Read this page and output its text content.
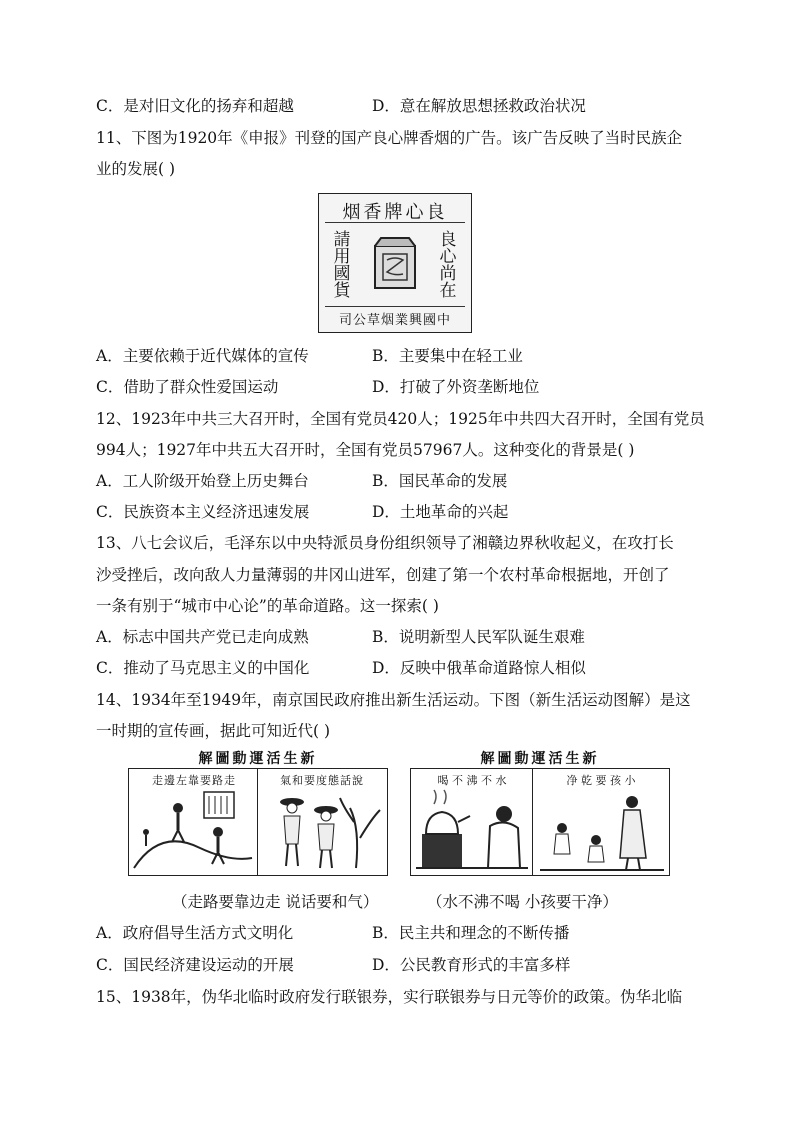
C．是对旧文化的扬弃和超越	D．意在解放思想拯救政治状况
11、下图为1920年《申报》刊登的国产良心牌香烟的广告。该广告反映了当时民族企
业的发展( )
烟香牌心良
請
用
國
貨
良
心
尚
在
司公草烟業興國中
A．主要依赖于近代媒体的宣传	B．主要集中在轻工业
C．借助了群众性爱国运动	D．打破了外资垄断地位
12、1923年中共三大召开时，全国有党员420人；1925年中共四大召开时，全国有党员
994人；1927年中共五大召开时，全国有党员57967人。这种变化的背景是( )
A．工人阶级开始登上历史舞台	B．国民革命的发展
C．民族资本主义经济迅速发展	D．土地革命的兴起
13、八七会议后，毛泽东以中央特派员身份组织领导了湘赣边界秋收起义，在攻打长
沙受挫后，改向敌人力量薄弱的井冈山进军，创建了第一个农村革命根据地，开创了
一条有别于“城市中心论”的革命道路。这一探索( )
A．标志中国共产党已走向成熟	B．说明新型人民军队诞生艰难
C．推动了马克思主义的中国化	D．反映中俄革命道路惊人相似
14、1934年至1949年，南京国民政府推出新生活运动。下图（新生活运动图解）是这
一时期的宣传画，据此可知近代( )
解圖動運活生新
走邊左靠要路走	氣和要度態話說
解圖動運活生新
喝 不 沸 不 水	净 乾 要 孩 小
（走路要靠边走 说话要和气）	（水不沸不喝 小孩要干净）
A．政府倡导生活方式文明化	B．民主共和理念的不断传播
C．国民经济建设运动的开展	D．公民教育形式的丰富多样
15、1938年，伪华北临时政府发行联银券，实行联银券与日元等价的政策。伪华北临
